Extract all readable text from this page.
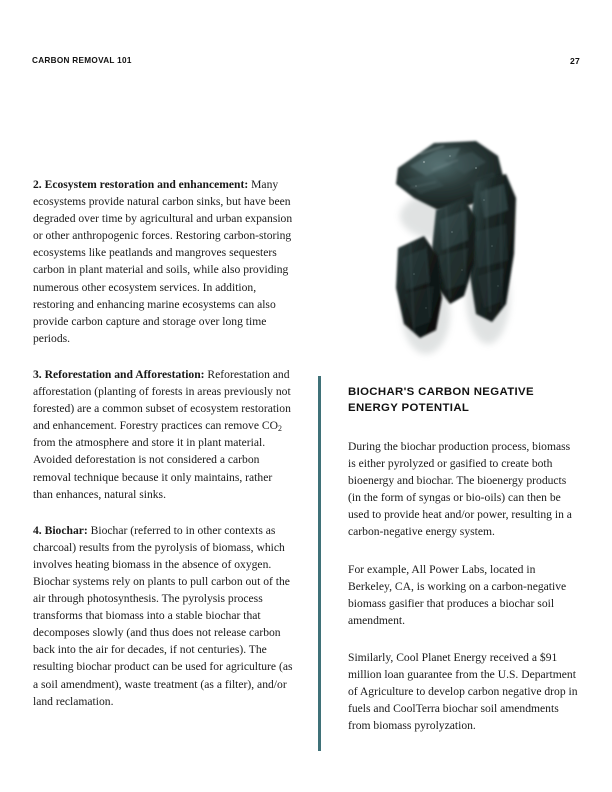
CARBON REMOVAL 101	27

2. Ecosystem restoration and enhancement: Many ecosystems provide natural carbon sinks, but have been degraded over time by agricultural and urban expansion or other anthropogenic forces. Restoring carbon-storing ecosystems like peatlands and mangroves sequesters carbon in plant material and soils, while also providing numerous other ecosystem services. In addition, restoring and enhancing marine ecosystems can also provide carbon capture and storage over long time periods.

3. Reforestation and Afforestation: Reforestation and afforestation (planting of forests in areas previously not forested) are a common subset of ecosystem restoration and enhancement. Forestry practices can remove $CO_2$ from the atmosphere and store it in plant material. Avoided deforestation is not considered a carbon removal technique because it only maintains, rather than enhances, natural sinks.

4. Biochar: Biochar (referred to in other contexts as charcoal) results from the pyrolysis of biomass, which involves heating biomass in the absence of oxygen. Biochar systems rely on plants to pull carbon out of the air through photosynthesis. The pyrolysis process transforms that biomass into a stable biochar that decomposes slowly (and thus does not release carbon back into the air for decades, if not centuries). The resulting biochar product can be used for agriculture (as a soil amendment), waste treatment (as a filter), and/or land reclamation.

BIOCHAR'S CARBON NEGATIVE ENERGY POTENTIAL

During the biochar production process, biomass is either pyrolyzed or gasified to create both bioenergy and biochar. The bioenergy products (in the form of syngas or bio-oils) can then be used to provide heat and/or power, resulting in a carbon-negative energy system.

For example, All Power Labs, located in Berkeley, CA, is working on a carbon-negative biomass gasifier that produces a biochar soil amendment.

Similarly, Cool Planet Energy received a $91 million loan guarantee from the U.S. Department of Agriculture to develop carbon negative drop in fuels and CoolTerra biochar soil amendments from biomass pyrolyzation.
